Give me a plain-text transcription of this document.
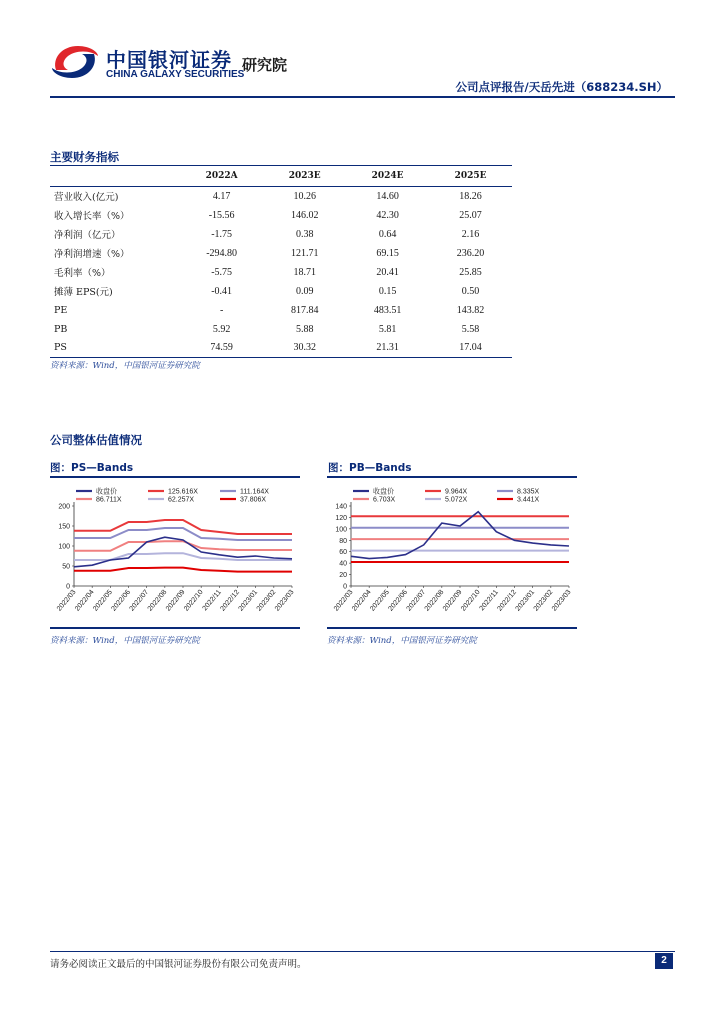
中国银河证券
CHINA GALAXY SECURITIES
研究院
公司点评报告/天岳先进（688234.SH）
主要财务指标
	2022A	2023E	2024E	2025E
营业收入(亿元)	4.17	10.26	14.60	18.26
收入增长率（%）	-15.56	146.02	42.30	25.07
净利润（亿元）	-1.75	0.38	0.64	2.16
净利润增速（%）	-294.80	121.71	69.15	236.20
毛利率（%）	-5.75	18.71	20.41	25.85
摊薄 EPS(元)	-0.41	0.09	0.15	0.50
PE	-	817.84	483.51	143.82
PB	5.92	5.88	5.81	5.58
PS	74.59	30.32	21.31	17.04
资料来源：Wind，中国银河证券研究院
公司整体估值情况
图：PS—Bands
收盘价	125.616X	111.164X
86.711X	62.257X	37.806X
0
50
100
150
200
2022/03
2022/04
2022/05
2022/06
2022/07
2022/08
2022/09
2022/10
2022/11
2022/12
2023/01
2023/02
2023/03
资料来源：Wind，中国银河证券研究院
图：PB—Bands
收盘价	9.964X	8.335X
6.703X	5.072X	3.441X
0
20
40
60
80
100
120
140
2022/03
2022/04
2022/05
2022/06
2022/07
2022/08
2022/09
2022/10
2022/11
2022/12
2023/01
2023/02
2023/03
资料来源：Wind，中国银河证券研究院
请务必阅读正文最后的中国银河证券股份有限公司免责声明。	2
